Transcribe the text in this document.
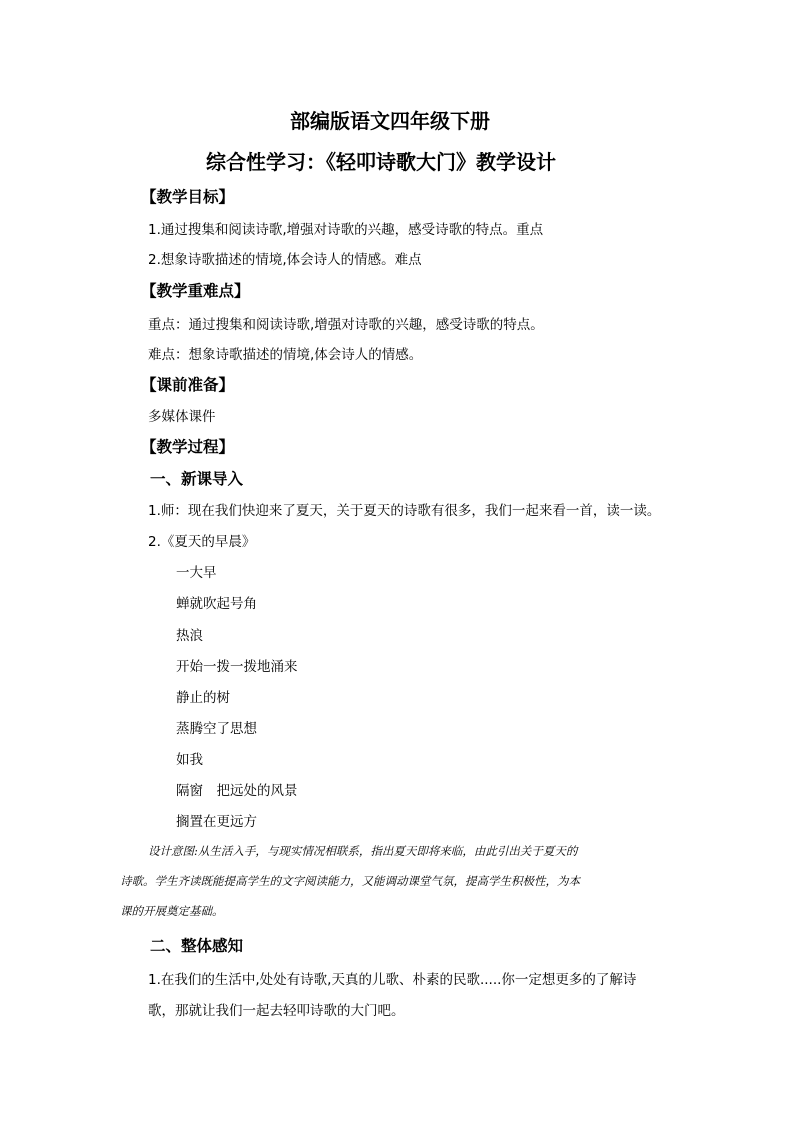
部编版语文四年级下册
综合性学习：《轻叩诗歌大门》教学设计
【教学目标】
1.通过搜集和阅读诗歌,增强对诗歌的兴趣，感受诗歌的特点。重点
2.想象诗歌描述的情境,体会诗人的情感。难点
【教学重难点】
重点：通过搜集和阅读诗歌,增强对诗歌的兴趣，感受诗歌的特点。
难点：想象诗歌描述的情境,体会诗人的情感。
【课前准备】
多媒体课件
【教学过程】
一、新课导入
1.师：现在我们快迎来了夏天，关于夏天的诗歌有很多，我们一起来看一首，读一读。
2.《夏天的早晨》
一大早
蝉就吹起号角
热浪
开始一拨一拨地涌来
静止的树
蒸腾空了思想
如我
隔窗　把远处的风景
搁置在更远方
设计意图:从生活入手，与现实情况相联系，指出夏天即将来临，由此引出关于夏天的
诗歌。学生齐读既能提高学生的文字阅读能力，又能调动课堂气氛，提高学生积极性，为本
课的开展奠定基础。
二、整体感知
1.在我们的生活中,处处有诗歌,天真的儿歌、朴素的民歌.....你一定想更多的了解诗
歌，那就让我们一起去轻叩诗歌的大门吧。
